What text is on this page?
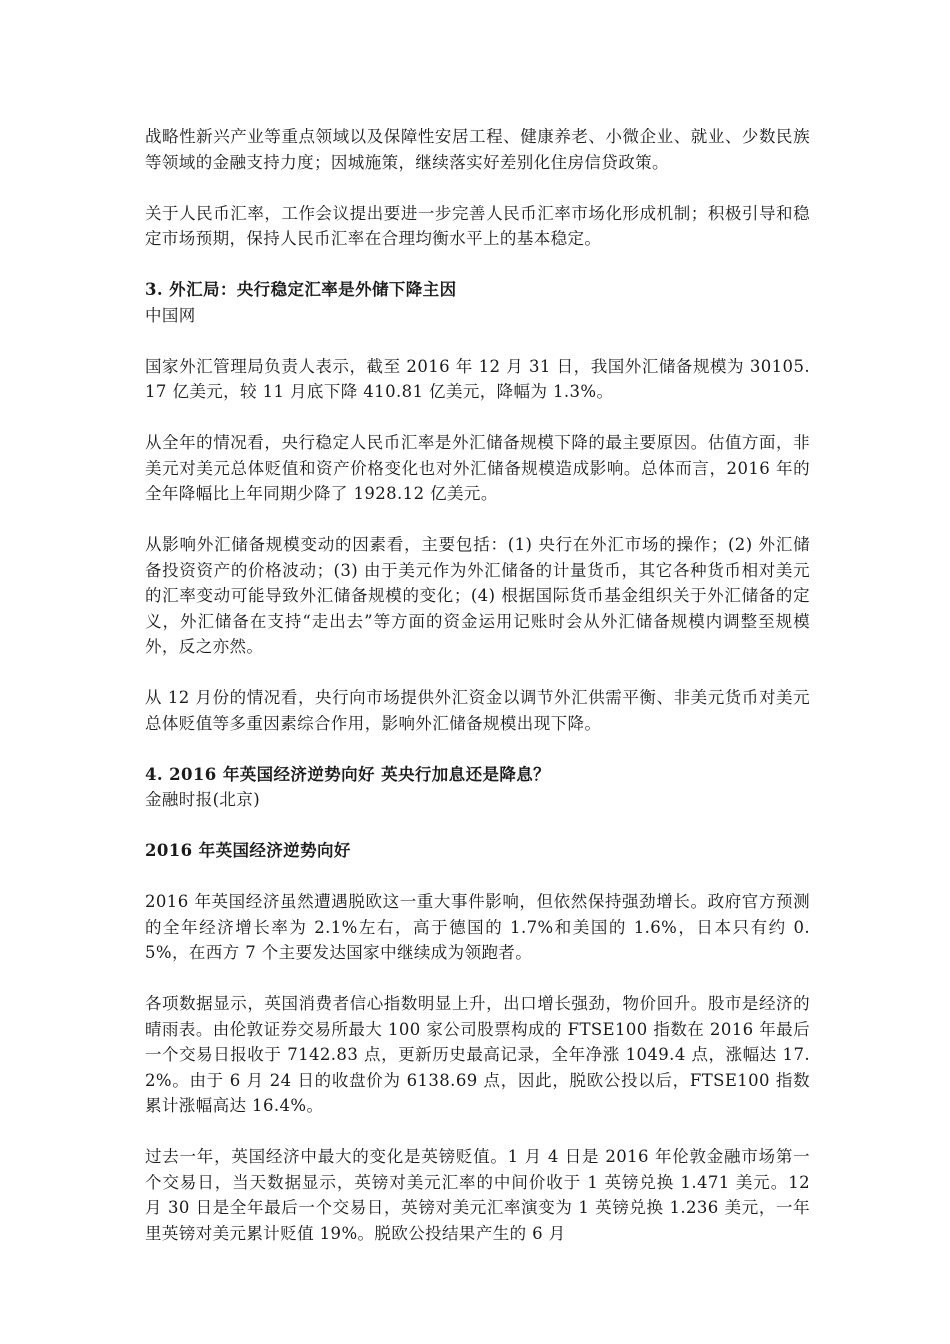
战略性新兴产业等重点领域以及保障性安居工程、健康养老、小微企业、就业、少数民族等领域的金融支持力度；因城施策，继续落实好差别化住房信贷政策。

关于人民币汇率，工作会议提出要进一步完善人民币汇率市场化形成机制；积极引导和稳定市场预期，保持人民币汇率在合理均衡水平上的基本稳定。

3. 外汇局：央行稳定汇率是外储下降主因

中国网

国家外汇管理局负责人表示，截至 2016 年 12 月 31 日，我国外汇储备规模为 30105.17 亿美元，较 11 月底下降 410.81 亿美元，降幅为 1.3%。

从全年的情况看，央行稳定人民币汇率是外汇储备规模下降的最主要原因。估值方面，非美元对美元总体贬值和资产价格变化也对外汇储备规模造成影响。总体而言，2016 年的全年降幅比上年同期少降了 1928.12 亿美元。

从影响外汇储备规模变动的因素看，主要包括：(1) 央行在外汇市场的操作；(2) 外汇储备投资资产的价格波动；(3) 由于美元作为外汇储备的计量货币，其它各种货币相对美元的汇率变动可能导致外汇储备规模的变化；(4) 根据国际货币基金组织关于外汇储备的定义，外汇储备在支持“走出去”等方面的资金运用记账时会从外汇储备规模内调整至规模外，反之亦然。

从 12 月份的情况看，央行向市场提供外汇资金以调节外汇供需平衡、非美元货币对美元总体贬值等多重因素综合作用，影响外汇储备规模出现下降。

4. 2016 年英国经济逆势向好 英央行加息还是降息？

金融时报(北京)

2016 年英国经济逆势向好

2016 年英国经济虽然遭遇脱欧这一重大事件影响，但依然保持强劲增长。政府官方预测的全年经济增长率为 2.1%左右，高于德国的 1.7%和美国的 1.6%，日本只有约 0.5%，在西方 7 个主要发达国家中继续成为领跑者。

各项数据显示，英国消费者信心指数明显上升，出口增长强劲，物价回升。股市是经济的晴雨表。由伦敦证券交易所最大 100 家公司股票构成的 FTSE100 指数在 2016 年最后一个交易日报收于 7142.83 点，更新历史最高记录，全年净涨 1049.4 点，涨幅达 17.2%。由于 6 月 24 日的收盘价为 6138.69 点，因此，脱欧公投以后，FTSE100 指数累计涨幅高达 16.4%。

过去一年，英国经济中最大的变化是英镑贬值。1 月 4 日是 2016 年伦敦金融市场第一个交易日，当天数据显示，英镑对美元汇率的中间价收于 1 英镑兑换 1.471 美元。12 月 30 日是全年最后一个交易日，英镑对美元汇率演变为 1 英镑兑换 1.236 美元，一年里英镑对美元累计贬值 19%。脱欧公投结果产生的 6 月
